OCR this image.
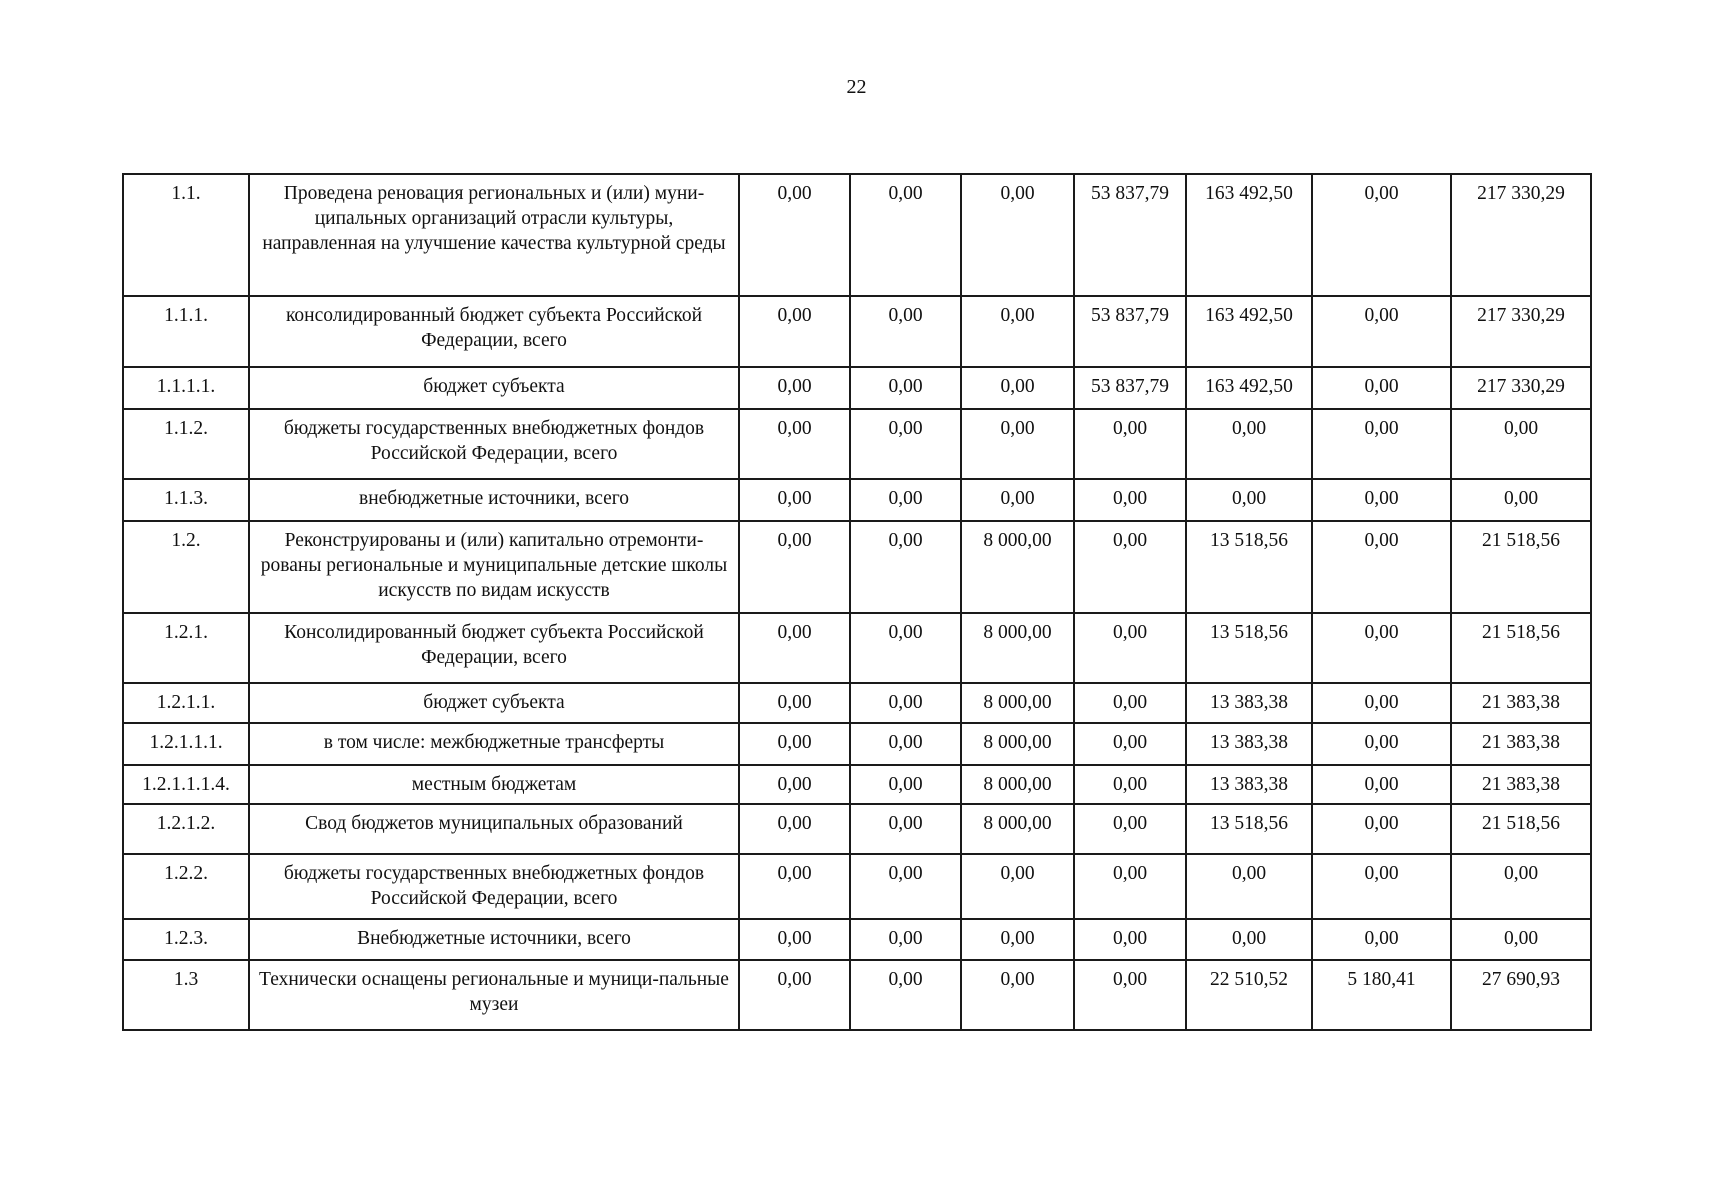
22
1.1.	Проведена реновация региональных и (или) муни-ципальных организаций отрасли культуры, направленная на улучшение качества культурной среды	0,00	0,00	0,00	53 837,79	163 492,50	0,00	217 330,29
1.1.1.	консолидированный бюджет субъекта Российской Федерации, всего	0,00	0,00	0,00	53 837,79	163 492,50	0,00	217 330,29
1.1.1.1.	бюджет субъекта	0,00	0,00	0,00	53 837,79	163 492,50	0,00	217 330,29
1.1.2.	бюджеты государственных внебюджетных фондов Российской Федерации, всего	0,00	0,00	0,00	0,00	0,00	0,00	0,00
1.1.3.	внебюджетные источники, всего	0,00	0,00	0,00	0,00	0,00	0,00	0,00
1.2.	Реконструированы и (или) капитально отремонти-рованы региональные и муниципальные детские школы искусств по видам искусств	0,00	0,00	8 000,00	0,00	13 518,56	0,00	21 518,56
1.2.1.	Консолидированный бюджет субъекта Российской Федерации, всего	0,00	0,00	8 000,00	0,00	13 518,56	0,00	21 518,56
1.2.1.1.	бюджет субъекта	0,00	0,00	8 000,00	0,00	13 383,38	0,00	21 383,38
1.2.1.1.1.	в том числе: межбюджетные трансферты	0,00	0,00	8 000,00	0,00	13 383,38	0,00	21 383,38
1.2.1.1.1.4.	местным бюджетам	0,00	0,00	8 000,00	0,00	13 383,38	0,00	21 383,38
1.2.1.2.	Свод бюджетов муниципальных образований	0,00	0,00	8 000,00	0,00	13 518,56	0,00	21 518,56
1.2.2.	бюджеты государственных внебюджетных фондов Российской Федерации, всего	0,00	0,00	0,00	0,00	0,00	0,00	0,00
1.2.3.	Внебюджетные источники, всего	0,00	0,00	0,00	0,00	0,00	0,00	0,00
1.3	Технически оснащены региональные и муници-пальные музеи	0,00	0,00	0,00	0,00	22 510,52	5 180,41	27 690,93
